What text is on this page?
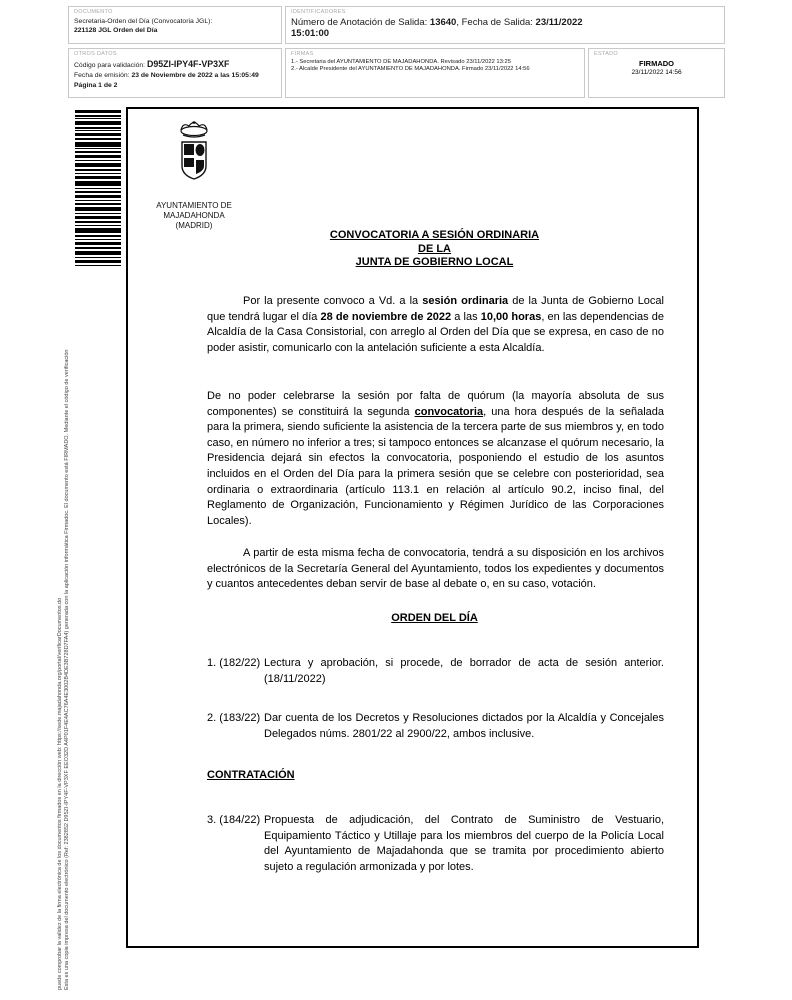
DOCUMENTO
Secretaria-Orden del Día (Convocatoria JGL):
221128 JGL Orden del Día
IDENTIFICADORES
Número de Anotación de Salida: 13640, Fecha de Salida: 23/11/2022
15:01:00
OTROS DATOS
Código para validación: D95ZI-IPY4F-VP3XF
Fecha de emisión: 23 de Noviembre de 2022 a las 15:05:49
Página 1 de 2
FIRMAS
1.- Secretaria del AYUNTAMIENTO DE MAJADAHONDA. Revisado 23/11/2022 13:25
2.- Alcalde Presidente del AYUNTAMIENTO DE MAJADAHONDA. Firmado 23/11/2022 14:56
ESTADO
FIRMADO
23/11/2022 14:56
puede comprobar la validez de la firma electrónica de los documentos firmados en la dirección web: https://sede.majadahonda.org/portal/verificarDocumentos.do Esta es una copia impresa del documento electrónico (Ref: 2382852 D95ZI-IPY4F-VP3XF EEO32D A4P01F4E4AC76A4E3002B4DE3B728D7FA4) generada con la aplicación informática Firmadoc. El documento está FIRMADO. Mediante el código de verificación
AYUNTAMIENTO DE
MAJADAHONDA
(MADRID)
CONVOCATORIA A SESIÓN ORDINARIA
DE LA
JUNTA DE GOBIERNO LOCAL
Por la presente convoco a Vd. a la sesión ordinaria de la Junta de Gobierno Local que tendrá lugar el día 28 de noviembre de 2022 a las 10,00 horas, en las dependencias de Alcaldía de la Casa Consistorial, con arreglo al Orden del Día que se expresa, en caso de no poder asistir, comunicarlo con la antelación suficiente a esta Alcaldía.
De no poder celebrarse la sesión por falta de quórum (la mayoría absoluta de sus componentes) se constituirá la segunda convocatoria, una hora después de la señalada para la primera, siendo suficiente la asistencia de la tercera parte de sus miembros y, en todo caso, en número no inferior a tres; si tampoco entonces se alcanzase el quórum necesario, la Presidencia dejará sin efectos la convocatoria, posponiendo el estudio de los asuntos incluidos en el Orden del Día para la primera sesión que se celebre con posterioridad, sea ordinaria o extraordinaria (artículo 113.1 en relación al artículo 90.2, inciso final, del Reglamento de Organización, Funcionamiento y Régimen Jurídico de las Corporaciones Locales).
A partir de esta misma fecha de convocatoria, tendrá a su disposición en los archivos electrónicos de la Secretaría General del Ayuntamiento, todos los expedientes y documentos y cuantos antecedentes deban servir de base al debate o, en su caso, votación.
ORDEN DEL DÍA
1. (182/22) Lectura y aprobación, si procede, de borrador de acta de sesión anterior. (18/11/2022)
2. (183/22) Dar cuenta de los Decretos y Resoluciones dictados por la Alcaldía y Concejales Delegados núms. 2801/22 al 2900/22, ambos inclusive.
CONTRATACIÓN
3. (184/22) Propuesta de adjudicación, del Contrato de Suministro de Vestuario, Equipamiento Táctico y Utillaje para los miembros del cuerpo de la Policía Local del Ayuntamiento de Majadahonda que se tramita por procedimiento abierto sujeto a regulación armonizada y por lotes.
